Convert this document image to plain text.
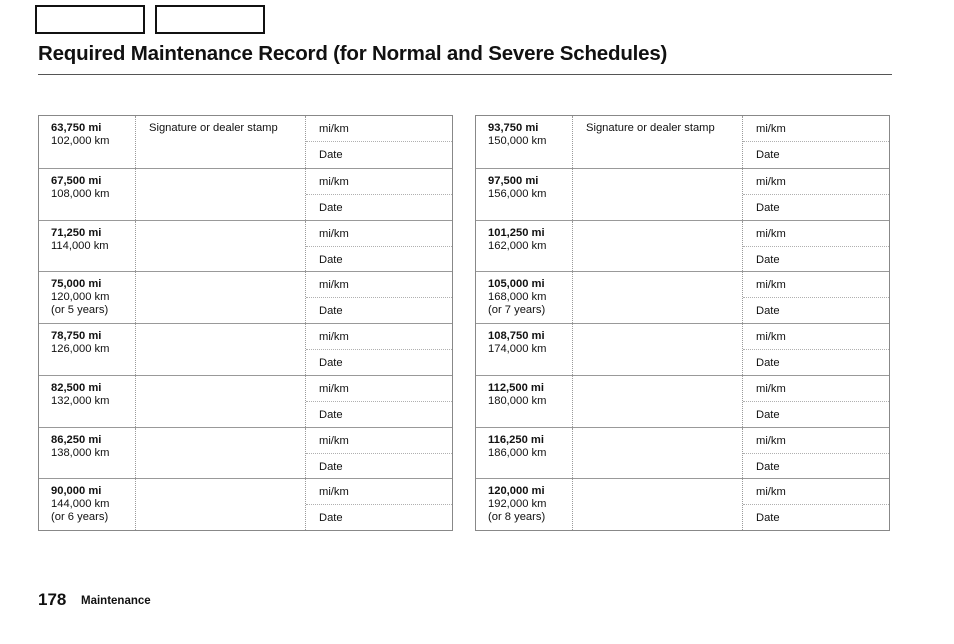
Required Maintenance Record (for Normal and Severe Schedules)
63,750 mi
102,000 km
Signature or dealer stamp	mi/km
Date
67,500 mi
108,000 km
mi/km
Date
71,250 mi
114,000 km
mi/km
Date
75,000 mi
120,000 km
(or 5 years)
mi/km
Date
78,750 mi
126,000 km
mi/km
Date
82,500 mi
132,000 km
mi/km
Date
86,250 mi
138,000 km
mi/km
Date
90,000 mi
144,000 km
(or 6 years)
mi/km
Date
93,750 mi
150,000 km
Signature or dealer stamp	mi/km
Date
97,500 mi
156,000 km
mi/km
Date
101,250 mi
162,000 km
mi/km
Date
105,000 mi
168,000 km
(or 7 years)
mi/km
Date
108,750 mi
174,000 km
mi/km
Date
112,500 mi
180,000 km
mi/km
Date
116,250 mi
186,000 km
mi/km
Date
120,000 mi
192,000 km
(or 8 years)
mi/km
Date
178 Maintenance
